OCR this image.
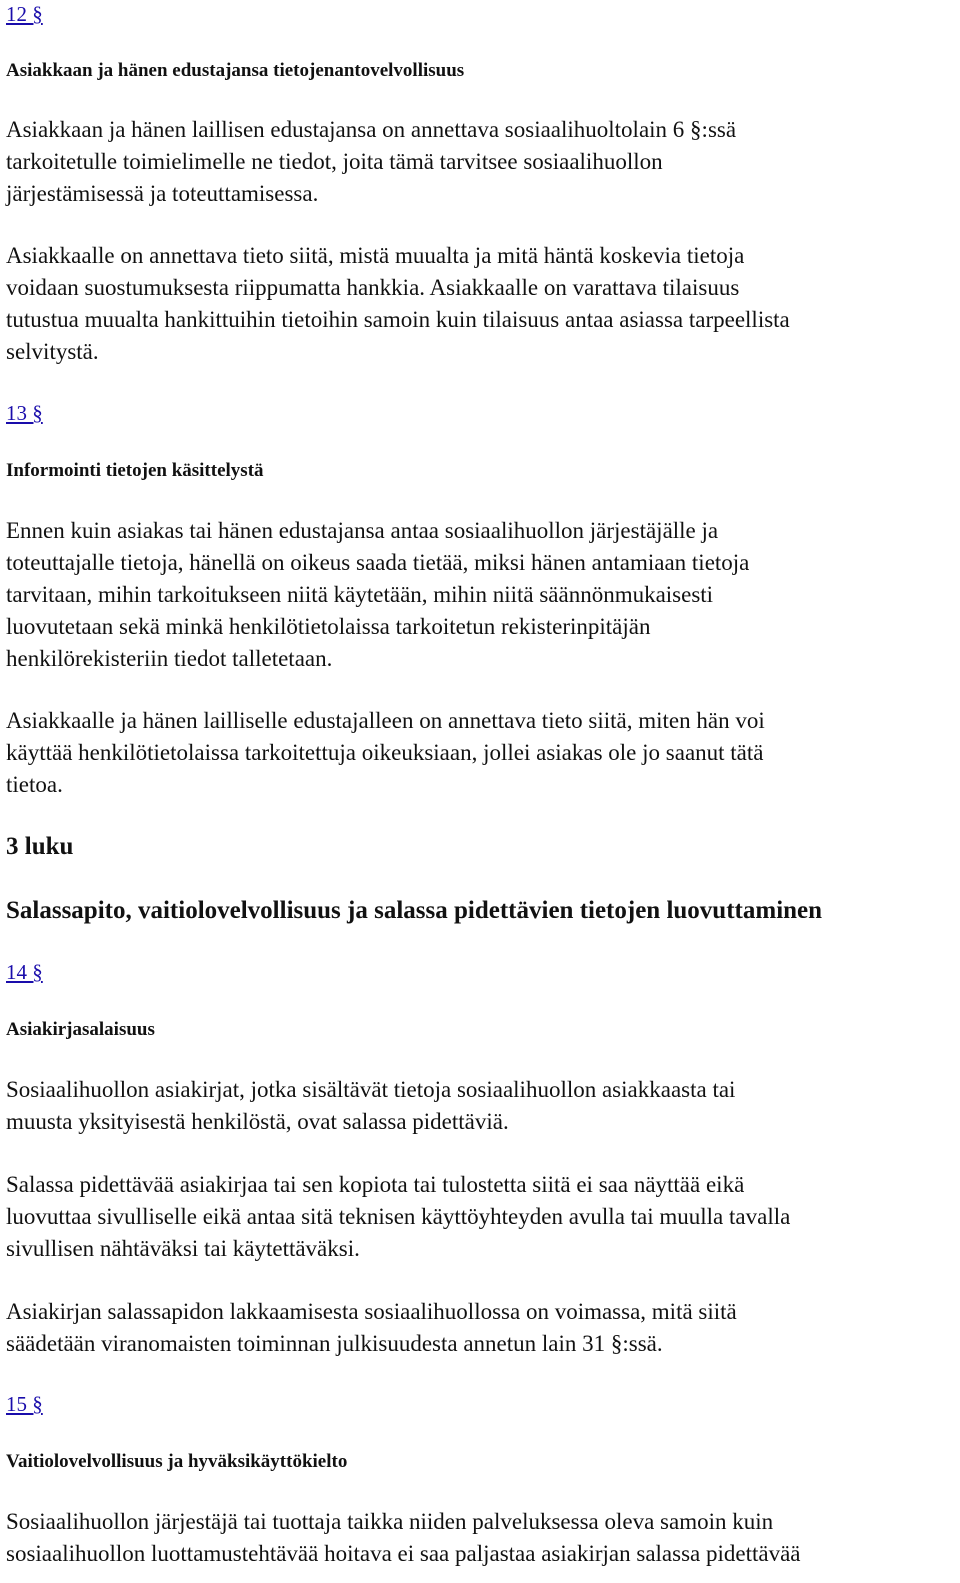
12 §
Asiakkaan ja hänen edustajansa tietojenantovelvollisuus
Asiakkaan ja hänen laillisen edustajansa on annettava sosiaalihuoltolain 6 §:ssä
tarkoitetulle toimielimelle ne tiedot, joita tämä tarvitsee sosiaalihuollon
järjestämisessä ja toteuttamisessa.
Asiakkaalle on annettava tieto siitä, mistä muualta ja mitä häntä koskevia tietoja
voidaan suostumuksesta riippumatta hankkia. Asiakkaalle on varattava tilaisuus
tutustua muualta hankittuihin tietoihin samoin kuin tilaisuus antaa asiassa tarpeellista
selvitystä.
13 §
Informointi tietojen käsittelystä
Ennen kuin asiakas tai hänen edustajansa antaa sosiaalihuollon järjestäjälle ja
toteuttajalle tietoja, hänellä on oikeus saada tietää, miksi hänen antamiaan tietoja
tarvitaan, mihin tarkoitukseen niitä käytetään, mihin niitä säännönmukaisesti
luovutetaan sekä minkä henkilötietolaissa tarkoitetun rekisterinpitäjän
henkilörekisteriin tiedot talletetaan.
Asiakkaalle ja hänen lailliselle edustajalleen on annettava tieto siitä, miten hän voi
käyttää henkilötietolaissa tarkoitettuja oikeuksiaan, jollei asiakas ole jo saanut tätä
tietoa.
3 luku
Salassapito, vaitiolovelvollisuus ja salassa pidettävien tietojen luovuttaminen
14 §
Asiakirjasalaisuus
Sosiaalihuollon asiakirjat, jotka sisältävät tietoja sosiaalihuollon asiakkaasta tai
muusta yksityisestä henkilöstä, ovat salassa pidettäviä.
Salassa pidettävää asiakirjaa tai sen kopiota tai tulostetta siitä ei saa näyttää eikä
luovuttaa sivulliselle eikä antaa sitä teknisen käyttöyhteyden avulla tai muulla tavalla
sivullisen nähtäväksi tai käytettäväksi.
Asiakirjan salassapidon lakkaamisesta sosiaalihuollossa on voimassa, mitä siitä
säädetään viranomaisten toiminnan julkisuudesta annetun lain 31 §:ssä.
15 §
Vaitiolovelvollisuus ja hyväksikäyttökielto
Sosiaalihuollon järjestäjä tai tuottaja taikka niiden palveluksessa oleva samoin kuin
sosiaalihuollon luottamustehtävää hoitava ei saa paljastaa asiakirjan salassa pidettävää
